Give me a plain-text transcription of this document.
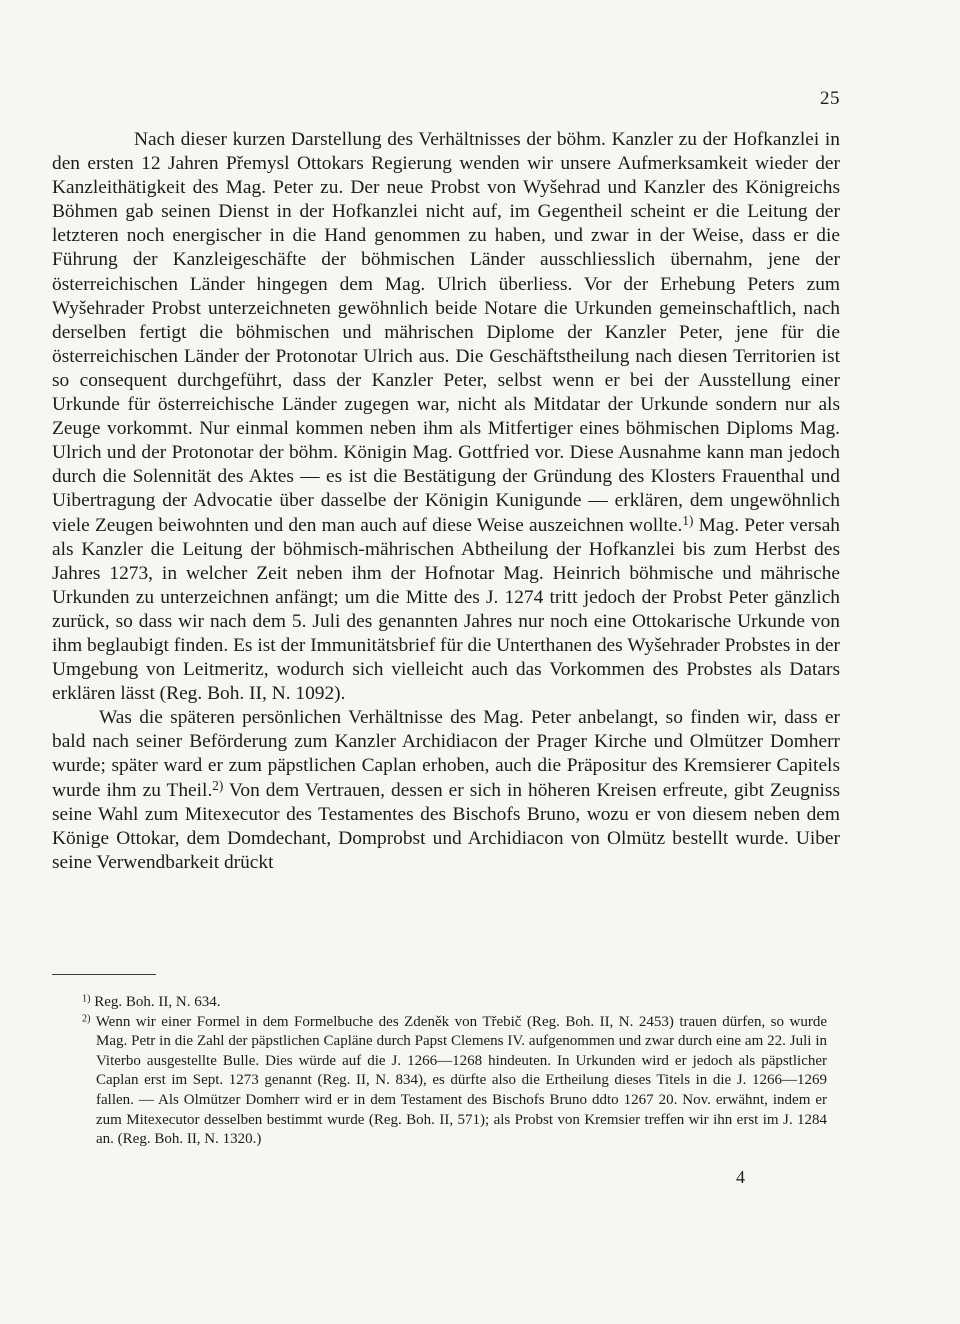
25

Nach dieser kurzen Darstellung des Verhältnisses der böhm. Kanzler zu der Hofkanzlei in den ersten 12 Jahren Přemysl Ottokars Regierung wenden wir unsere Aufmerksamkeit wieder der Kanzleithätigkeit des Mag. Peter zu. Der neue Probst von Wyšehrad und Kanzler des Königreichs Böhmen gab seinen Dienst in der Hofkanzlei nicht auf, im Gegentheil scheint er die Leitung der letzteren noch energischer in die Hand genommen zu haben, und zwar in der Weise, dass er die Führung der Kanzleigeschäfte der böhmischen Länder ausschliesslich übernahm, jene der österreichischen Länder hingegen dem Mag. Ulrich überliess. Vor der Erhebung Peters zum Wyšehrader Probst unterzeichneten gewöhnlich beide Notare die Urkunden gemeinschaftlich, nach derselben fertigt die böhmischen und mährischen Diplome der Kanzler Peter, jene für die österreichischen Länder der Protonotar Ulrich aus. Die Geschäftstheilung nach diesen Territorien ist so consequent durchgeführt, dass der Kanzler Peter, selbst wenn er bei der Ausstellung einer Urkunde für österreichische Länder zugegen war, nicht als Mitdatar der Urkunde sondern nur als Zeuge vorkommt. Nur einmal kommen neben ihm als Mitfertiger eines böhmischen Diploms Mag. Ulrich und der Protonotar der böhm. Königin Mag. Gottfried vor. Diese Ausnahme kann man jedoch durch die Solennität des Aktes — es ist die Bestätigung der Gründung des Klosters Frauenthal und Uibertragung der Advocatie über dasselbe der Königin Kunigunde — erklären, dem ungewöhnlich viele Zeugen beiwohnten und den man auch auf diese Weise auszeichnen wollte.$^{1)}$ Mag. Peter versah als Kanzler die Leitung der böhmisch-mährischen Abtheilung der Hofkanzlei bis zum Herbst des Jahres 1273, in welcher Zeit neben ihm der Hofnotar Mag. Heinrich böhmische und mährische Urkunden zu unterzeichnen anfängt; um die Mitte des J. 1274 tritt jedoch der Probst Peter gänzlich zurück, so dass wir nach dem 5. Juli des genannten Jahres nur noch eine Ottokarische Urkunde von ihm beglaubigt finden. Es ist der Immunitätsbrief für die Unterthanen des Wyšehrader Probstes in der Umgebung von Leitmeritz, wodurch sich vielleicht auch das Vorkommen des Probstes als Datars erklären lässt (Reg. Boh. II, N. 1092).

Was die späteren persönlichen Verhältnisse des Mag. Peter anbelangt, so finden wir, dass er bald nach seiner Beförderung zum Kanzler Archidiacon der Prager Kirche und Olmützer Domherr wurde; später ward er zum päpstlichen Caplan erhoben, auch die Präpositur des Kremsierer Capitels wurde ihm zu Theil.$^{2)}$ Von dem Vertrauen, dessen er sich in höheren Kreisen erfreute, gibt Zeugniss seine Wahl zum Mitexecutor des Testamentes des Bischofs Bruno, wozu er von diesem neben dem Könige Ottokar, dem Domdechant, Domprobst und Archidiacon von Olmütz bestellt wurde. Uiber seine Verwendbarkeit drückt

$^{1)}$ Reg. Boh. II, N. 634.

$^{2)}$ Wenn wir einer Formel in dem Formelbuche des Zdeněk von Třebič (Reg. Boh. II, N. 2453) trauen dürfen, so wurde Mag. Petr in die Zahl der päpstlichen Capläne durch Papst Clemens IV. aufgenommen und zwar durch eine am 22. Juli in Viterbo ausgestellte Bulle. Dies würde auf die J. 1266—1268 hindeuten. In Urkunden wird er jedoch als päpstlicher Caplan erst im Sept. 1273 genannt (Reg. II, N. 834), es dürfte also die Ertheilung dieses Titels in die J. 1266—1269 fallen. — Als Olmützer Domherr wird er in dem Testament des Bischofs Bruno ddto 1267 20. Nov. erwähnt, indem er zum Mitexecutor desselben bestimmt wurde (Reg. Boh. II, 571); als Probst von Kremsier treffen wir ihn erst im J. 1284 an. (Reg. Boh. II, N. 1320.)

4
